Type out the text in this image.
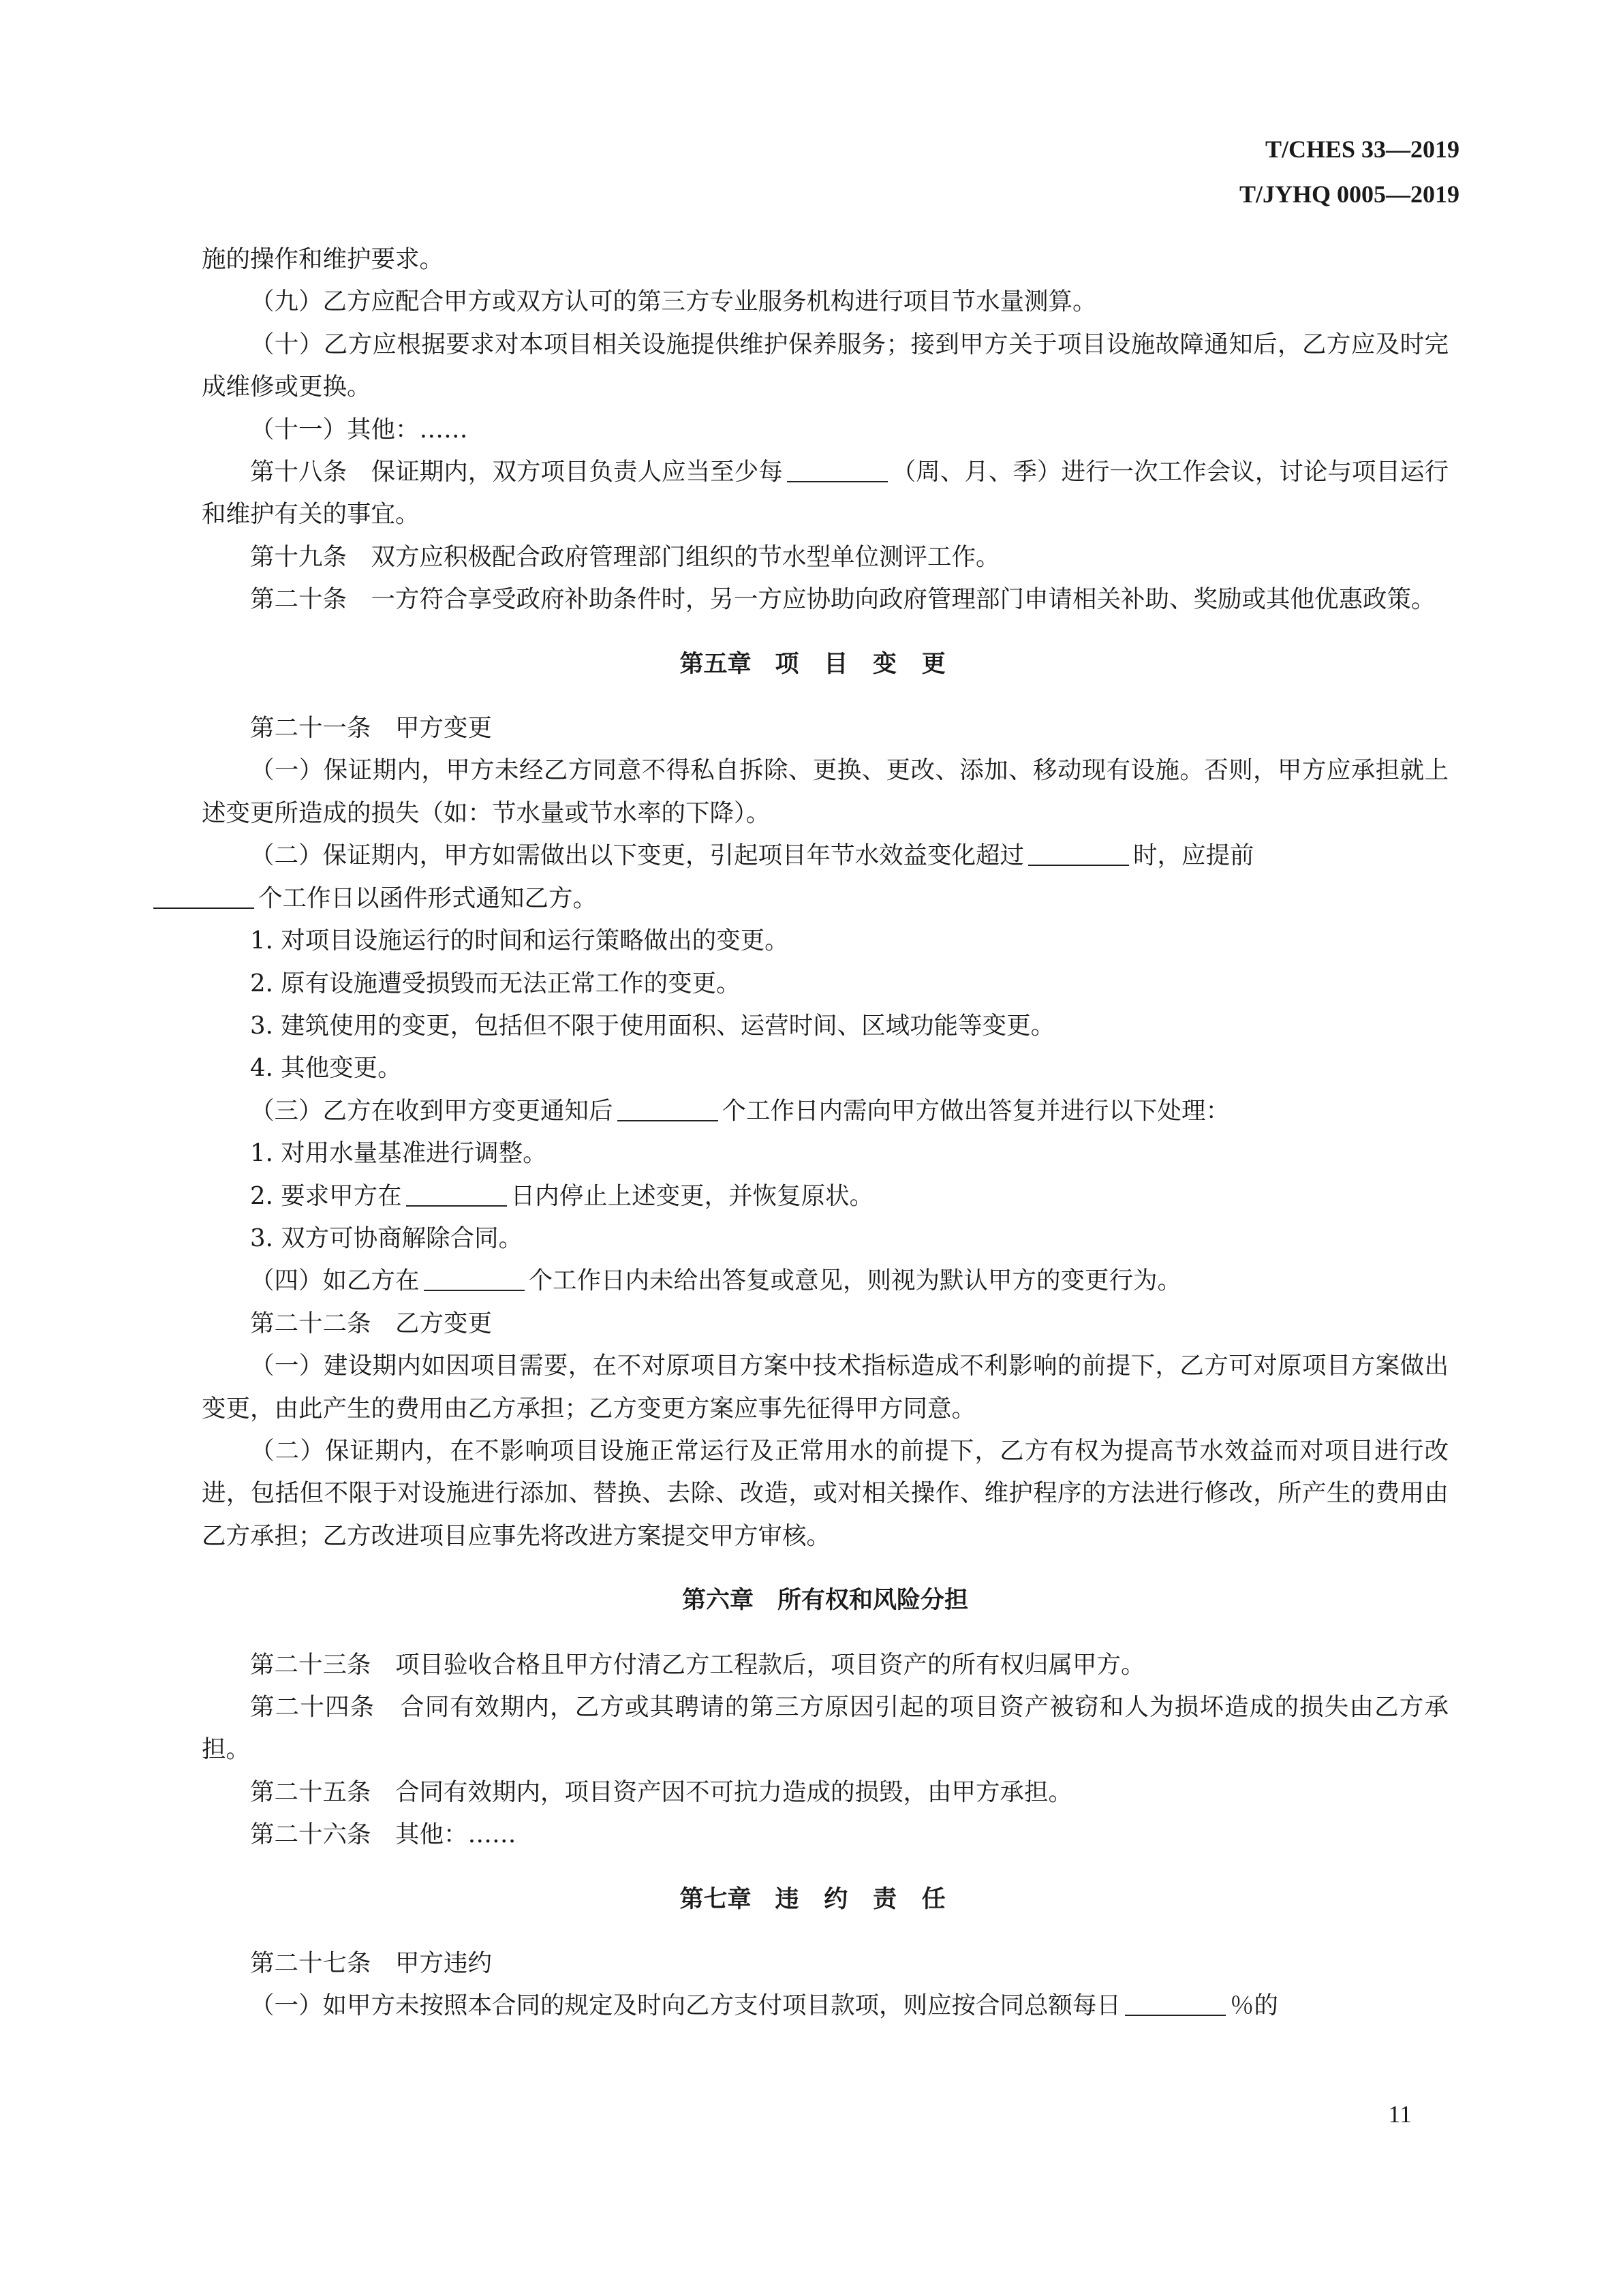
T/CHES 33—2019
T/JYHQ 0005—2019

施的操作和维护要求。

（九）乙方应配合甲方或双方认可的第三方专业服务机构进行项目节水量测算。

（十）乙方应根据要求对本项目相关设施提供维护保养服务；接到甲方关于项目设施故障通知后，乙方应及时完成维修或更换。

（十一）其他：……

第十八条 保证期内，双方项目负责人应当至少每	（周、月、季）进行一次工作会议，讨论与项目运行和维护有关的事宜。

第十九条 双方应积极配合政府管理部门组织的节水型单位测评工作。

第二十条 一方符合享受政府补助条件时，另一方应协助向政府管理部门申请相关补助、奖励或其他优惠政策。

第五章 项目变更

第二十一条 甲方变更

（一）保证期内，甲方未经乙方同意不得私自拆除、更换、更改、添加、移动现有设施。否则，甲方应承担就上述变更所造成的损失（如：节水量或节水率的下降）。

（二）保证期内，甲方如需做出以下变更，引起项目年节水效益变化超过	时，应提前
个工作日以函件形式通知乙方。

1. 对项目设施运行的时间和运行策略做出的变更。

2. 原有设施遭受损毁而无法正常工作的变更。

3. 建筑使用的变更，包括但不限于使用面积、运营时间、区域功能等变更。

4. 其他变更。

（三）乙方在收到甲方变更通知后	个工作日内需向甲方做出答复并进行以下处理：

1. 对用水量基准进行调整。

2. 要求甲方在	日内停止上述变更，并恢复原状。

3. 双方可协商解除合同。

（四）如乙方在	个工作日内未给出答复或意见，则视为默认甲方的变更行为。

第二十二条 乙方变更

（一）建设期内如因项目需要，在不对原项目方案中技术指标造成不利影响的前提下，乙方可对原项目方案做出变更，由此产生的费用由乙方承担；乙方变更方案应事先征得甲方同意。

（二）保证期内，在不影响项目设施正常运行及正常用水的前提下，乙方有权为提高节水效益而对项目进行改进，包括但不限于对设施进行添加、替换、去除、改造，或对相关操作、维护程序的方法进行修改，所产生的费用由乙方承担；乙方改进项目应事先将改进方案提交甲方审核。

第六章 所有权和风险分担

第二十三条 项目验收合格且甲方付清乙方工程款后，项目资产的所有权归属甲方。

第二十四条 合同有效期内，乙方或其聘请的第三方原因引起的项目资产被窃和人为损坏造成的损失由乙方承担。

第二十五条 合同有效期内，项目资产因不可抗力造成的损毁，由甲方承担。

第二十六条 其他：……

第七章 违约责任

第二十七条 甲方违约

（一）如甲方未按照本合同的规定及时向乙方支付项目款项，则应按合同总额每日	％的

11
